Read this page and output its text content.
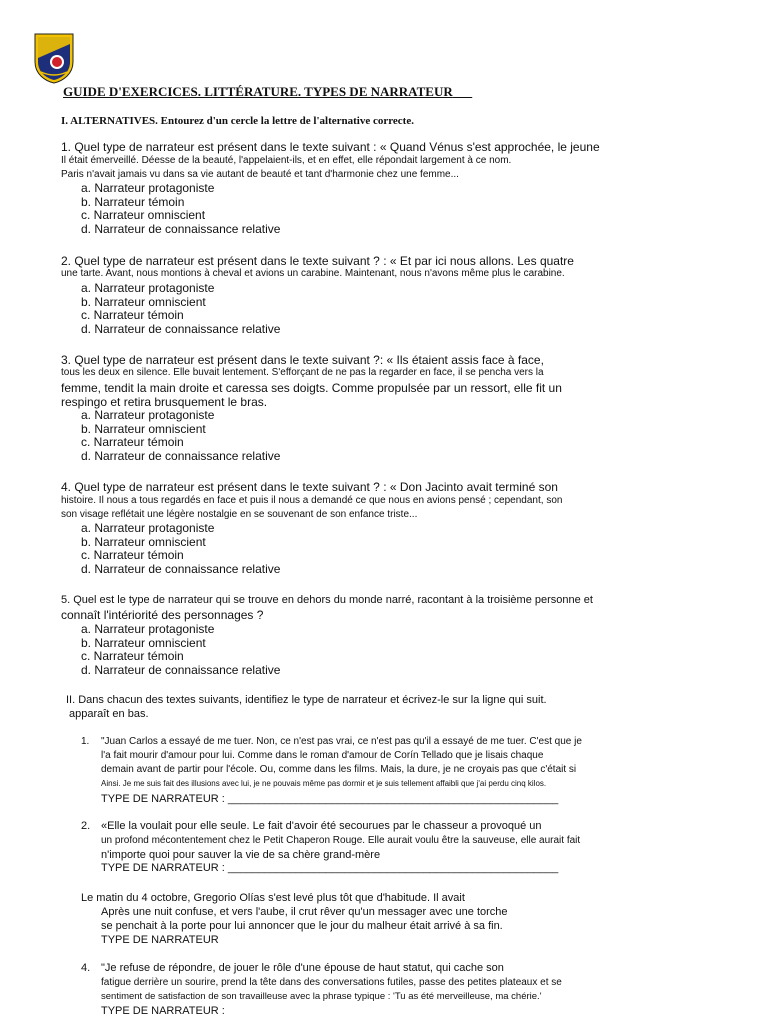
GUIDE D'EXERCICES. LITTÉRATURE. TYPES DE NARRATEUR
I. ALTERNATIVES. Entourez d'un cercle la lettre de l'alternative correcte.
1. Quel type de narrateur est présent dans le texte suivant : « Quand Vénus s'est approchée, le jeune
Il était émerveillé. Déesse de la beauté, l'appelaient-ils, et en effet, elle répondait largement à ce nom.
Paris n'avait jamais vu dans sa vie autant de beauté et tant d'harmonie chez une femme...
a. Narrateur protagoniste
b. Narrateur témoin
c. Narrateur omniscient
d. Narrateur de connaissance relative
2. Quel type de narrateur est présent dans le texte suivant ? : « Et par ici nous allons. Les quatre
une tarte. Avant, nous montions à cheval et avions un carabine. Maintenant, nous n'avons même plus le carabine.
a. Narrateur protagoniste
b. Narrateur omniscient
c. Narrateur témoin
d. Narrateur de connaissance relative
3. Quel type de narrateur est présent dans le texte suivant ?: « Ils étaient assis face à face,
tous les deux en silence. Elle buvait lentement. S'efforçant de ne pas la regarder en face, il se pencha vers la
femme, tendit la main droite et caressa ses doigts. Comme propulsée par un ressort, elle fit un
respingo et retira brusquement le bras.
a. Narrateur protagoniste
b. Narrateur omniscient
c. Narrateur témoin
d. Narrateur de connaissance relative
4. Quel type de narrateur est présent dans le texte suivant ? : « Don Jacinto avait terminé son
histoire. Il nous a tous regardés en face et puis il nous a demandé ce que nous en avions pensé ; cependant, son
son visage reflétait une légère nostalgie en se souvenant de son enfance triste...
a. Narrateur protagoniste
b. Narrateur omniscient
c. Narrateur témoin
d. Narrateur de connaissance relative
5. Quel est le type de narrateur qui se trouve en dehors du monde narré, racontant à la troisième personne et
connaît l'intériorité des personnages ?
a. Narrateur protagoniste
b. Narrateur omniscient
c. Narrateur témoin
d. Narrateur de connaissance relative
II. Dans chacun des textes suivants, identifiez le type de narrateur et écrivez-le sur la ligne qui suit.
apparaît en bas.
1. "Juan Carlos a essayé de me tuer. Non, ce n'est pas vrai, ce n'est pas qu'il a essayé de me tuer. C'est que je
l'a fait mourir d'amour pour lui. Comme dans le roman d'amour de Corín Tellado que je lisais chaque
demain avant de partir pour l'école. Ou, comme dans les films. Mais, la dure, je ne croyais pas que c'était si
Ainsi. Je me suis fait des illusions avec lui, je ne pouvais même pas dormir et je suis tellement affaibli que j'ai perdu cinq kilos.
TYPE DE NARRATEUR : ______________________________________________________
2. «Elle la voulait pour elle seule. Le fait d'avoir été secourues par le chasseur a provoqué un
un profond mécontentement chez le Petit Chaperon Rouge. Elle aurait voulu être la sauveuse, elle aurait fait
n'importe quoi pour sauver la vie de sa chère grand-mère
TYPE DE NARRATEUR : ______________________________________________________
Le matin du 4 octobre, Gregorio Olías s'est levé plus tôt que d'habitude. Il avait
Après une nuit confuse, et vers l'aube, il crut rêver qu'un messager avec une torche
se penchait à la porte pour lui annoncer que le jour du malheur était arrivé à sa fin.
TYPE DE NARRATEUR
4. "Je refuse de répondre, de jouer le rôle d'une épouse de haut statut, qui cache son
fatigue derrière un sourire, prend la tête dans des conversations futiles, passe des petites plateaux et se
sentiment de satisfaction de son travailleuse avec la phrase typique : 'Tu as été merveilleuse, ma chérie.'
TYPE DE NARRATEUR :
